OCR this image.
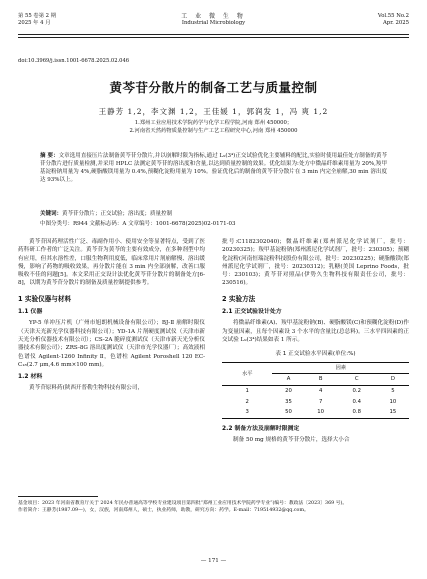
第 55 卷第 2 期
2025 年 4 月
工 业 微 生 物
Industrial Microbiology
Vol.55 No.2
Apr. 2025
doi:10.3969/j.issn.1001-6678.2025.02.046
黄芩苷分散片的制备工艺与质量控制
王静芳 1,2，李文渊 1,2，王佳媛 1，郭润发 1，冯 爽 1,2
1.郑州工业应用技术学院药学与化学工程学院,河南 郑州 450000；
2.河南省天然药物质量控制与生产工艺工程研究中心,河南 郑州 450000
摘 要：文章选用直接压片法制备黄芩苷分散片,并以崩解时限为指标,通过 L₉(3⁴)正交试验优化主要辅料的配比,实验时使用最佳处方制备的黄芩苷分散片进行质量检测,并采用 HPLC 法测定黄芩苷的溶出度和含量,以达到质量控制的效果。优化结果为:处方中微晶纤维素用量为 20%,羧甲基淀粉钠用量为 4%,硬脂酸镁用量为 0.4%,预糊化淀粉用量为 10%。验证优化后的制备的黄芩苷分散片在 3 min 内完全崩解,30 min 溶出度达 93%以上。
关键词：黄芩苷分散片；正交试验；溶出度；质量控制
中图分类号：R944 文献标志码：A 文章编号：1001-6678(2025)02-0171-03

黄芩苷因药理活性广泛、毒副作用小、使用安全等显著特点，受到了医药科研工作者的广泛关注。黄芩苷为黄芩的主要有效成分，在多种剂型中均有应用，但其水溶性差，口服生物利用度低，临床常用片剂崩解慢、溶出缓慢，影响了药物的吸收效果，再分散片能在 3 min 内全部崩解，改善口服吸收不佳的问题[5]。本文采用正交设计法优化黄芩苷分散片的制备处方[6-8]，以期为黄芩苷分散片的制备及质量控制提供参考。

1 实验仪器与材料
1.1 仪器

YP-5 单冲压片机（广州市旭朗机械设备有限公司）；BJ-Ⅱ 崩解时限仪（天津天光新光学仪器科技有限公司）；YD-1A 片剂硬度测试仪（天津市新天光分析仪器技术有限公司）；CS-2A 脆碎度测试仪（天津市新天光分析仪器技术有限公司）；ZRS-8G 溶出度测试仪（天津市光学仪器厂）；高效液相色谱仪 Agilent-1260 Infinity Ⅱ，色谱柱 Agilent Poroshell 120 EC-C₁₈(2.7 μm,4.6 mm×100 mm)。

1.2 材料

黄芩苷原料药(陕西开普勒生物科技有限公司，

批号:C1182302040)；微晶纤维素(郑州派尼化学试剂厂，批号：20230325)；羧甲基淀粉钠(郑州派尼化学试剂厂，批号：230305)；预糊化淀粉(河南恒瑞淀粉科技股份有限公司，批号：20230225)；硬脂酸镁(郑州派尼化学试剂厂，批号：20230312)；乳糖(美国 Leprino Foods，批号：230103)；黄芩苷对照品(伊势久生物科技有限责任公司，批号：230516)。

2 实验方法
2.1 正交试验设计处方

将微晶纤维素(A)、羧甲基淀粉钠(B)、硬脂酸镁(C)和预糊化淀粉(D)作为变量因素，且每个因素设 3 个水平的含量比(总总料)。三水平四因素的正交试验 L₉(3⁴)结果如表 1 所示。

表 1 正交试验水平因素(单位:%)
水平	因素			
	A	B	C	D
1	20	4	0.2	5
2	35	7	0.4	10
3	50	10	0.8	15
2.2 制备方法及崩解时限测定

制备 50 mg 规格的黄芩苷分散片，选择大小合

基金项目：2023 年河南省教育厅关于 2024 年民办普通高等学校专业建设项目第四批“郑州工业应用技术学院药学专业”(编号：教政法〔2023〕369 号)。
作者简介：王静芳(1987.09—)，女，汉族，河南郑州人，硕士，执业药师，助教，研究方向：药学。E-mail：719514932@qq.com。
— 171 —
